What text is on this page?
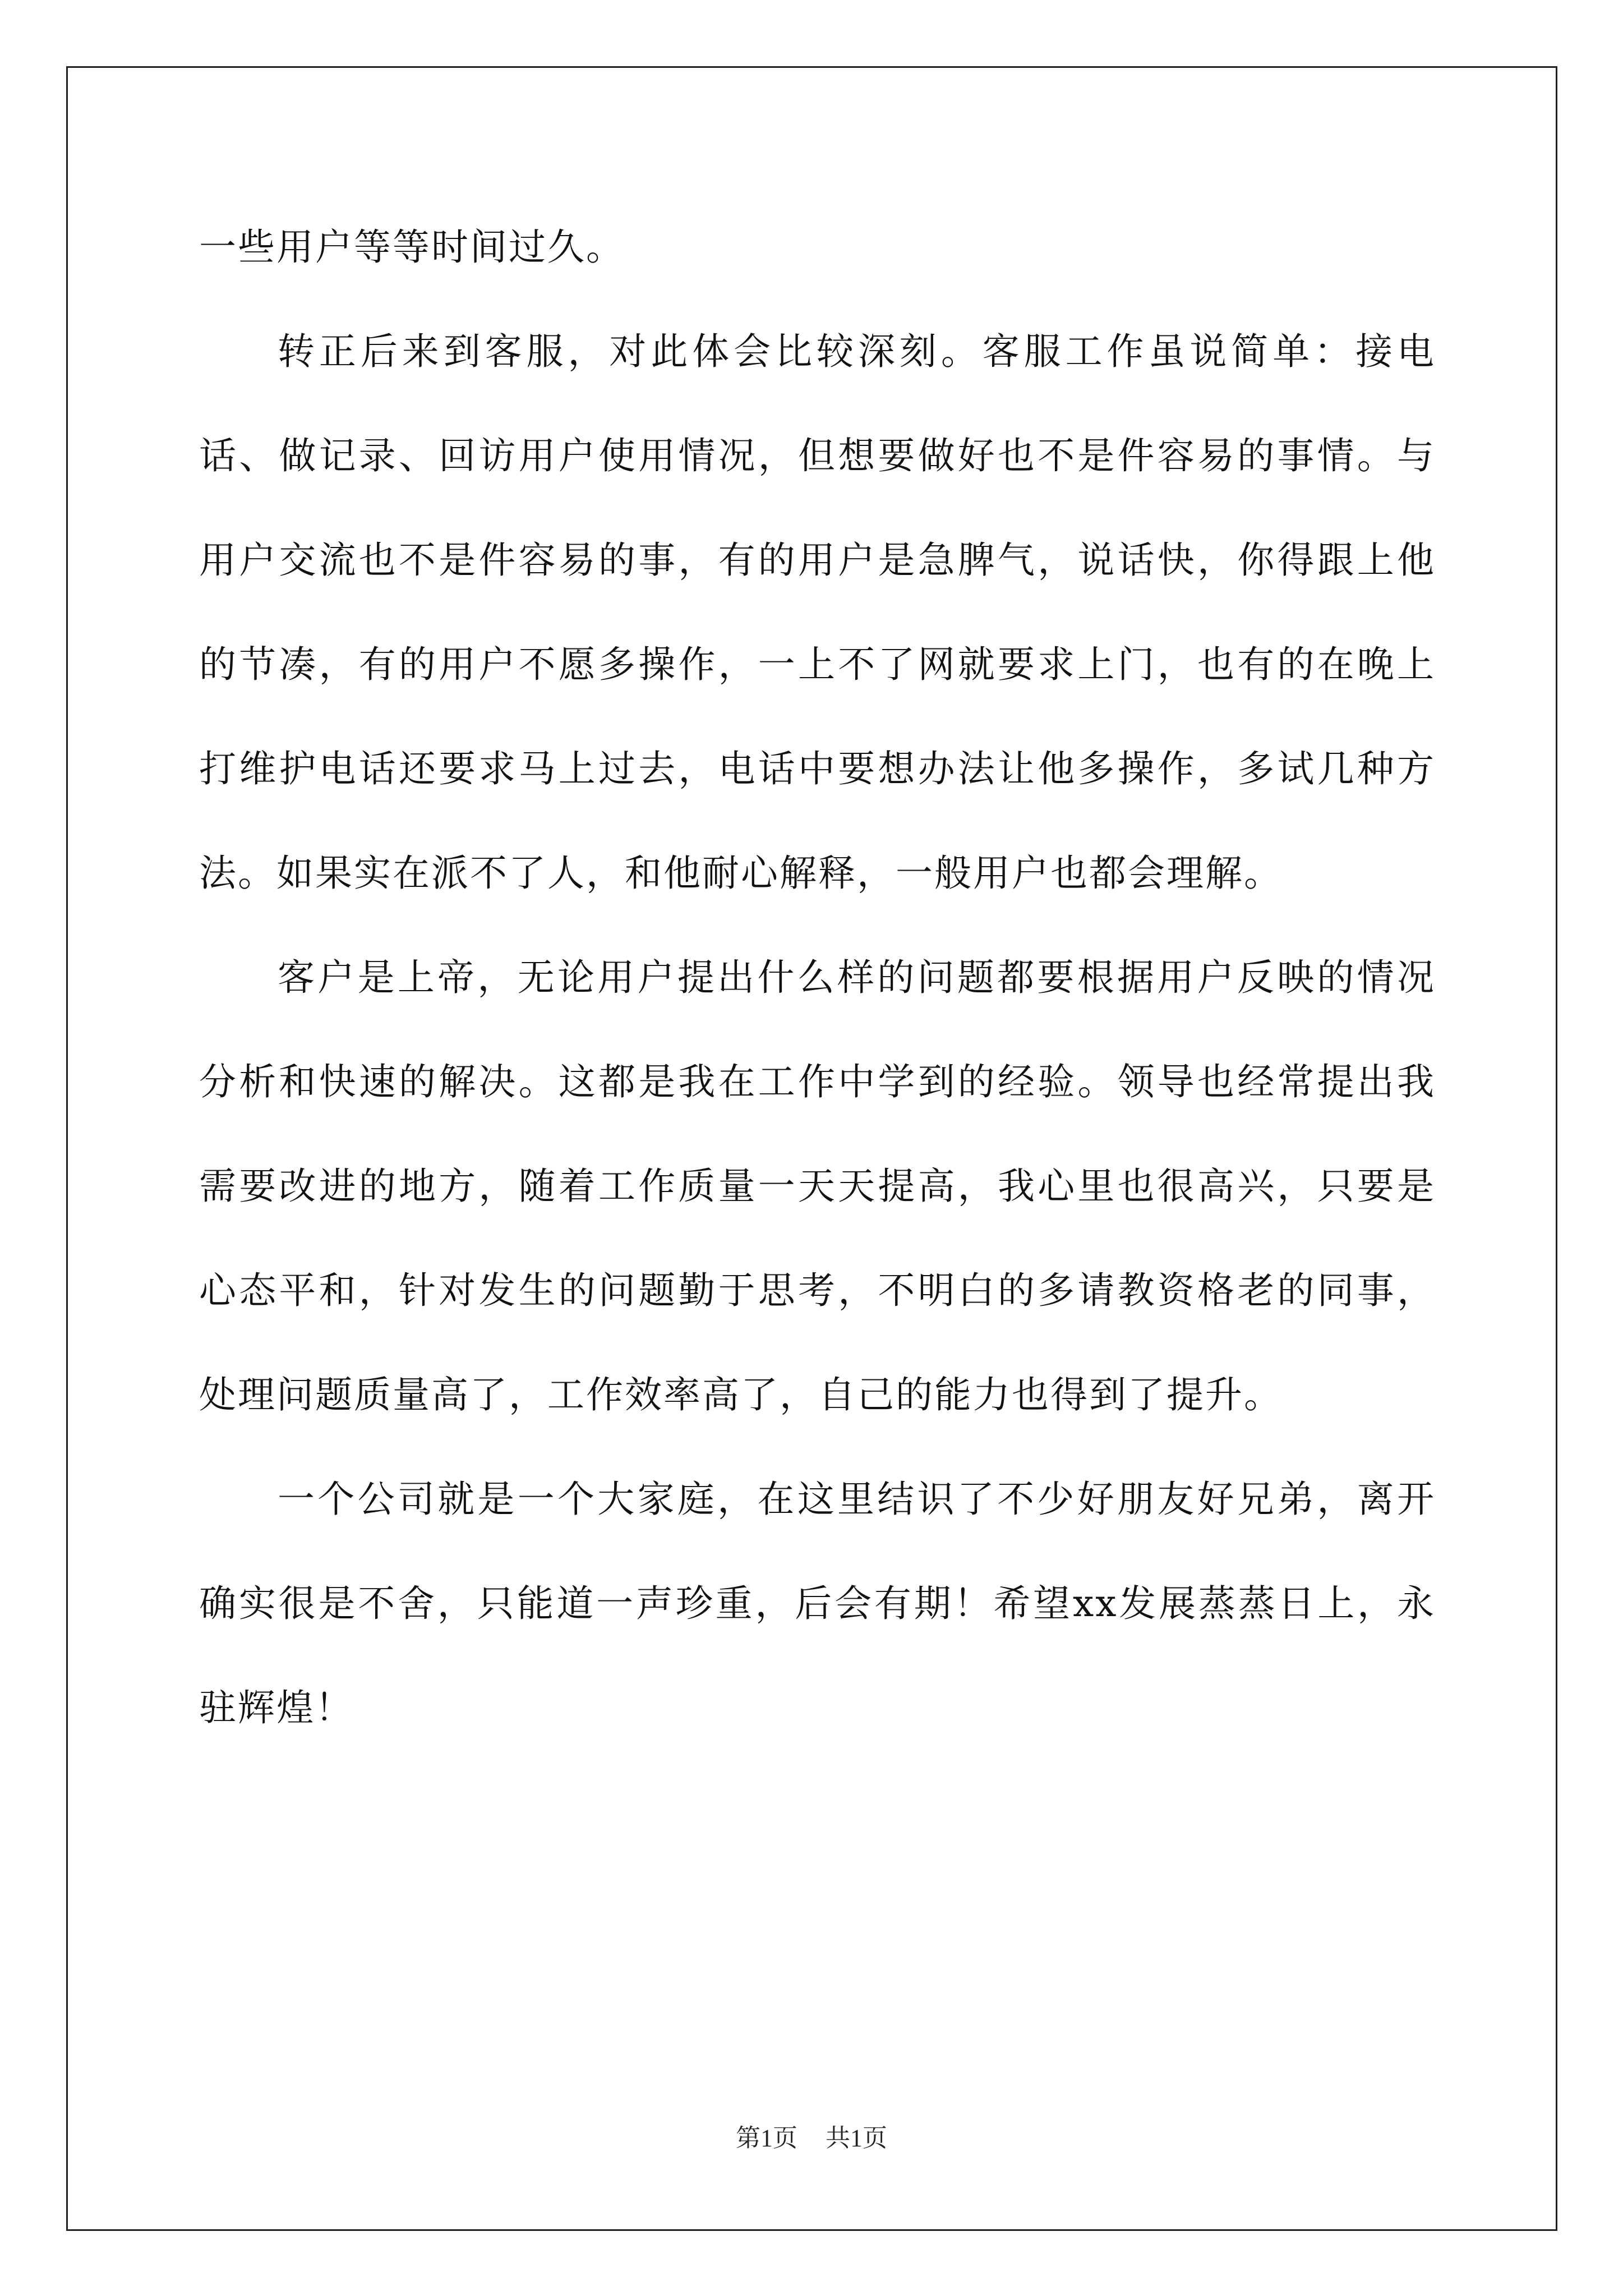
一些用户等等时间过久。

转正后来到客服，对此体会比较深刻。客服工作虽说简单：接电话、做记录、回访用户使用情况，但想要做好也不是件容易的事情。与用户交流也不是件容易的事，有的用户是急脾气，说话快，你得跟上他的节凑，有的用户不愿多操作，一上不了网就要求上门，也有的在晚上打维护电话还要求马上过去，电话中要想办法让他多操作，多试几种方法。如果实在派不了人，和他耐心解释，一般用户也都会理解。

客户是上帝，无论用户提出什么样的问题都要根据用户反映的情况分析和快速的解决。这都是我在工作中学到的经验。领导也经常提出我需要改进的地方，随着工作质量一天天提高，我心里也很高兴，只要是心态平和，针对发生的问题勤于思考，不明白的多请教资格老的同事，处理问题质量高了，工作效率高了，自己的能力也得到了提升。

一个公司就是一个大家庭，在这里结识了不少好朋友好兄弟，离开确实很是不舍，只能道一声珍重，后会有期！希望xx发展蒸蒸日上，永驻辉煌！

第1页 共1页
